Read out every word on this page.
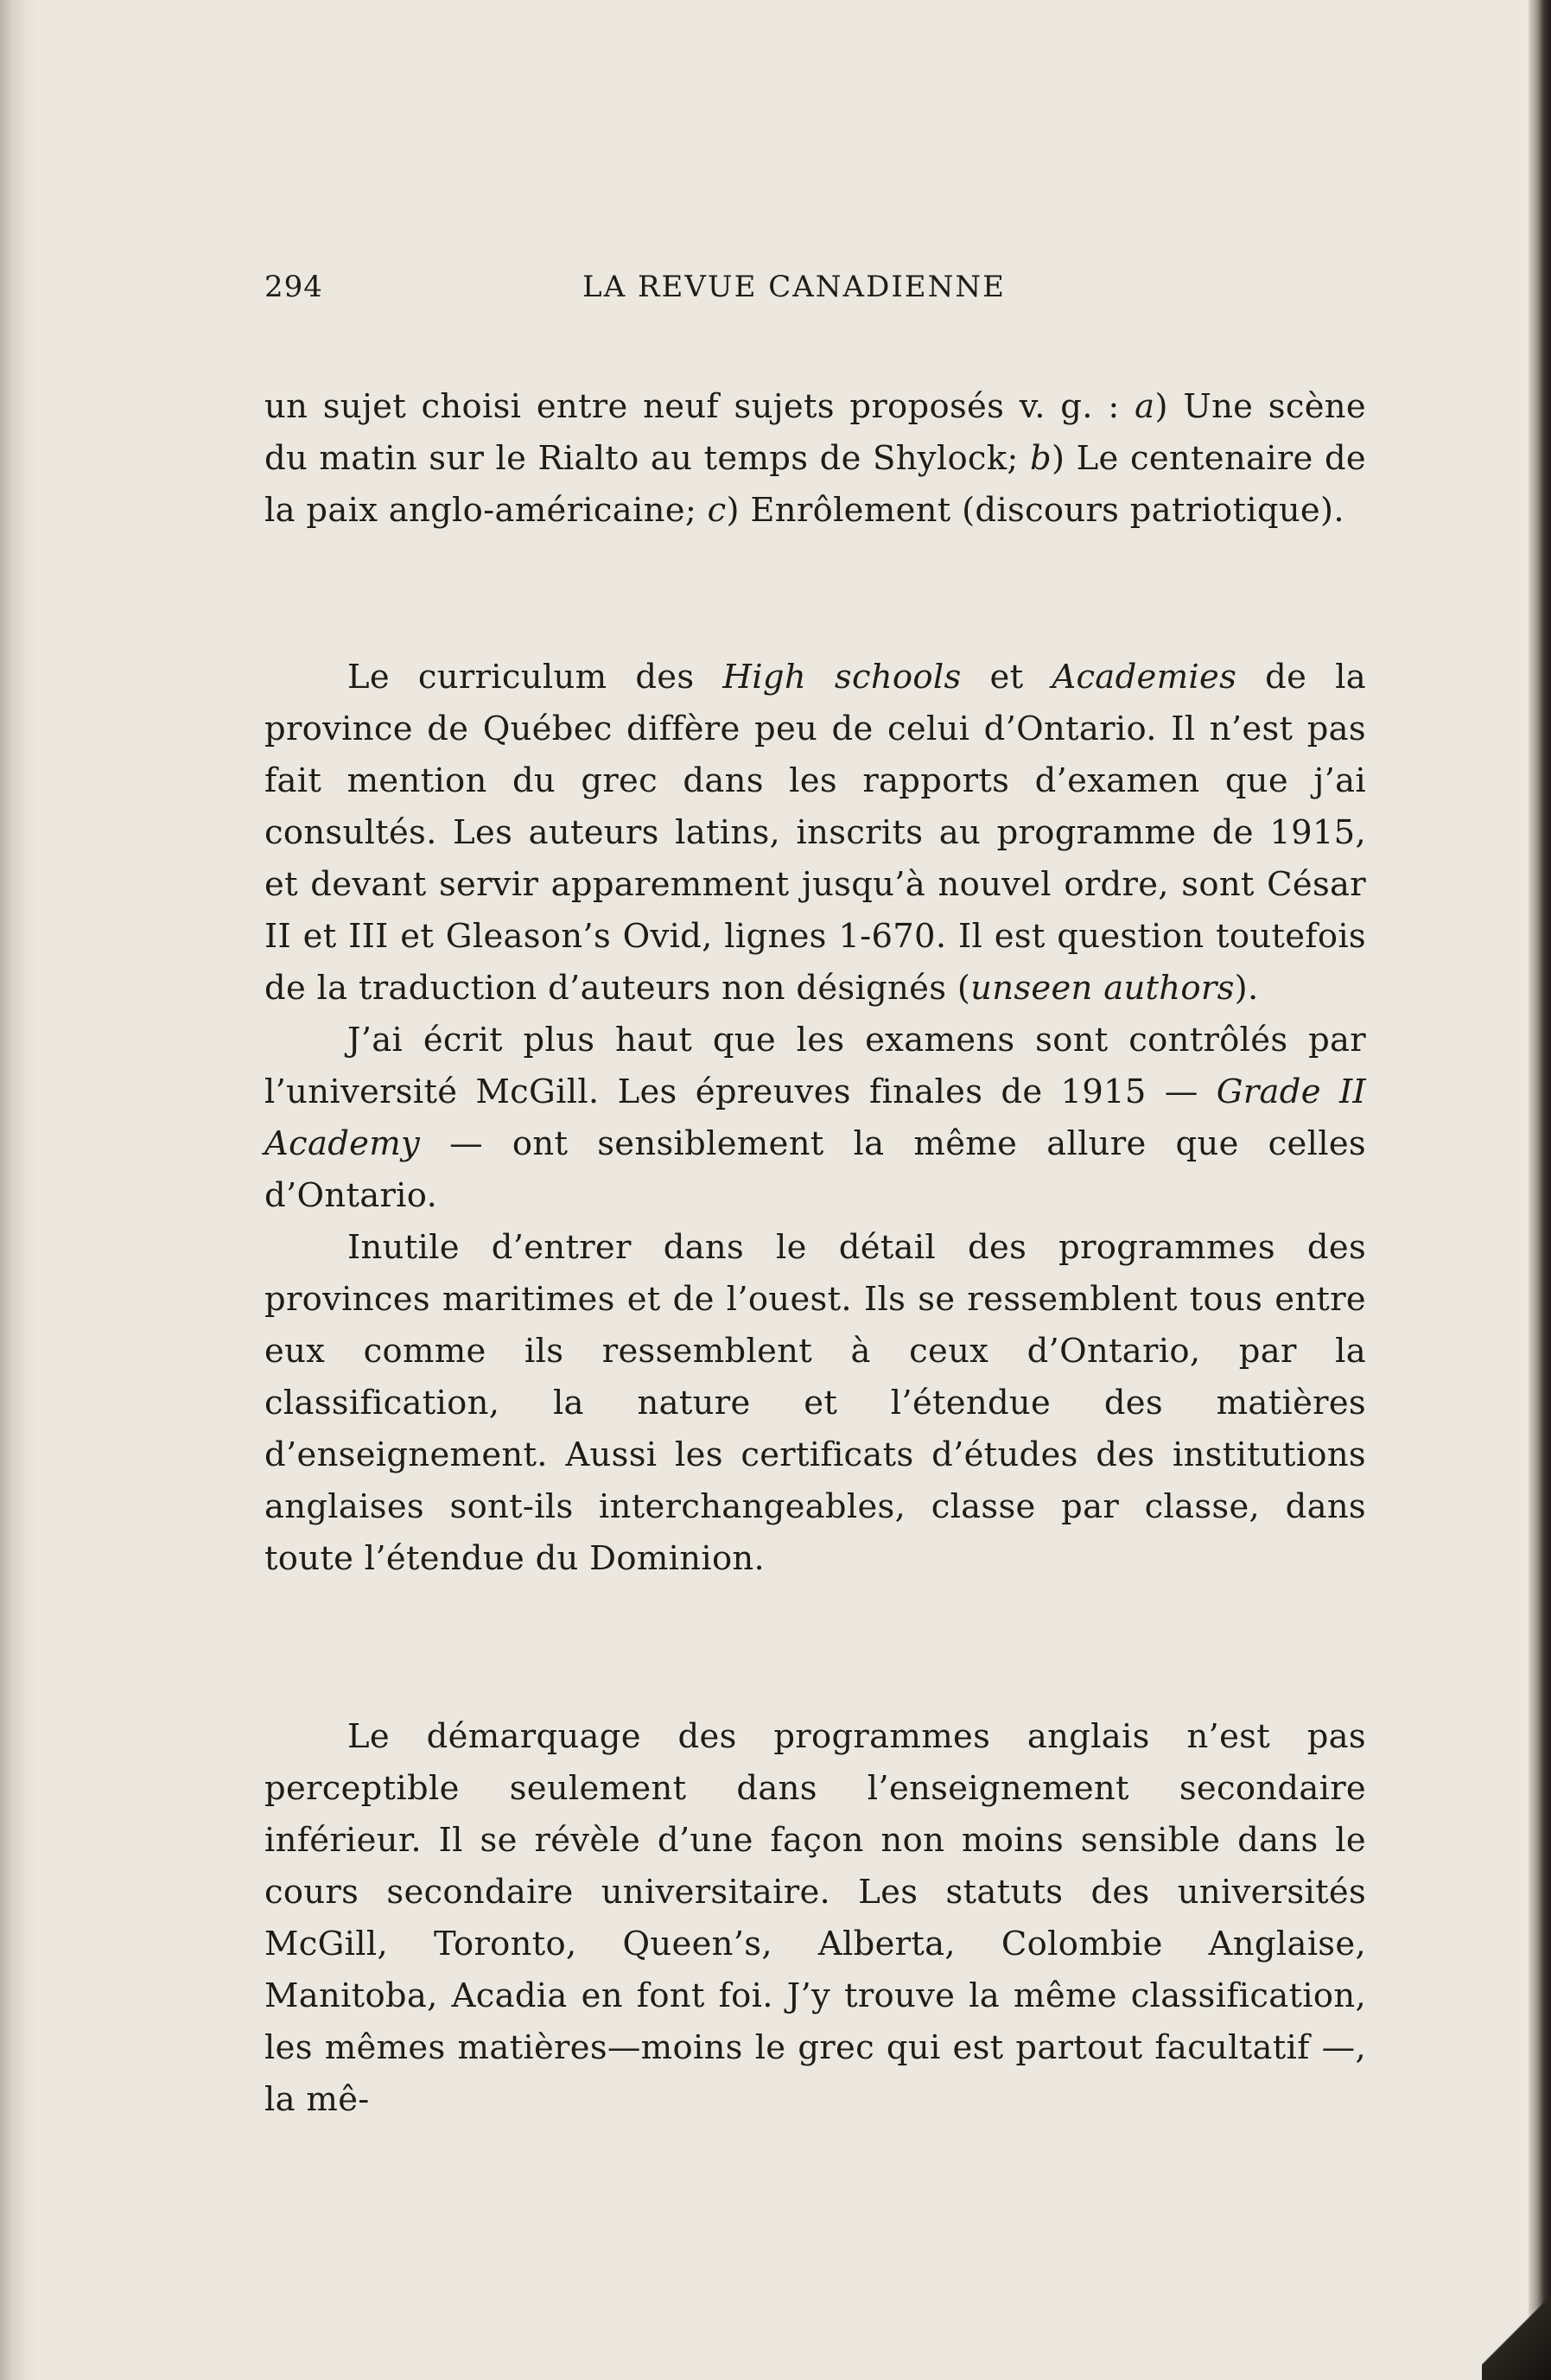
294	LA REVUE CANADIENNE

un sujet choisi entre neuf sujets proposés v. g. : a) Une scène du matin sur le Rialto au temps de Shylock; b) Le centenaire de la paix anglo-américaine; c) Enrôlement (discours patriotique).

Le curriculum des High schools et Academies de la province de Québec diffère peu de celui d’Ontario. Il n’est pas fait mention du grec dans les rapports d’examen que j’ai consultés. Les auteurs latins, inscrits au programme de 1915, et devant servir apparemment jusqu’à nouvel ordre, sont César II et III et Gleason’s Ovid, lignes 1-670. Il est question toutefois de la traduction d’auteurs non désignés (unseen authors).

J’ai écrit plus haut que les examens sont contrôlés par l’université McGill. Les épreuves finales de 1915 — Grade II Academy — ont sensiblement la même allure que celles d’Ontario.

Inutile d’entrer dans le détail des programmes des provinces maritimes et de l’ouest. Ils se ressemblent tous entre eux comme ils ressemblent à ceux d’Ontario, par la classification, la nature et l’étendue des matières d’enseignement. Aussi les certificats d’études des institutions anglaises sont-ils interchangeables, classe par classe, dans toute l’étendue du Dominion.

Le démarquage des programmes anglais n’est pas perceptible seulement dans l’enseignement secondaire inférieur. Il se révèle d’une façon non moins sensible dans le cours secondaire universitaire. Les statuts des universités McGill, Toronto, Queen’s, Alberta, Colombie Anglaise, Manitoba, Acadia en font foi. J’y trouve la même classification, les mêmes matières—moins le grec qui est partout facultatif —, la mê-
